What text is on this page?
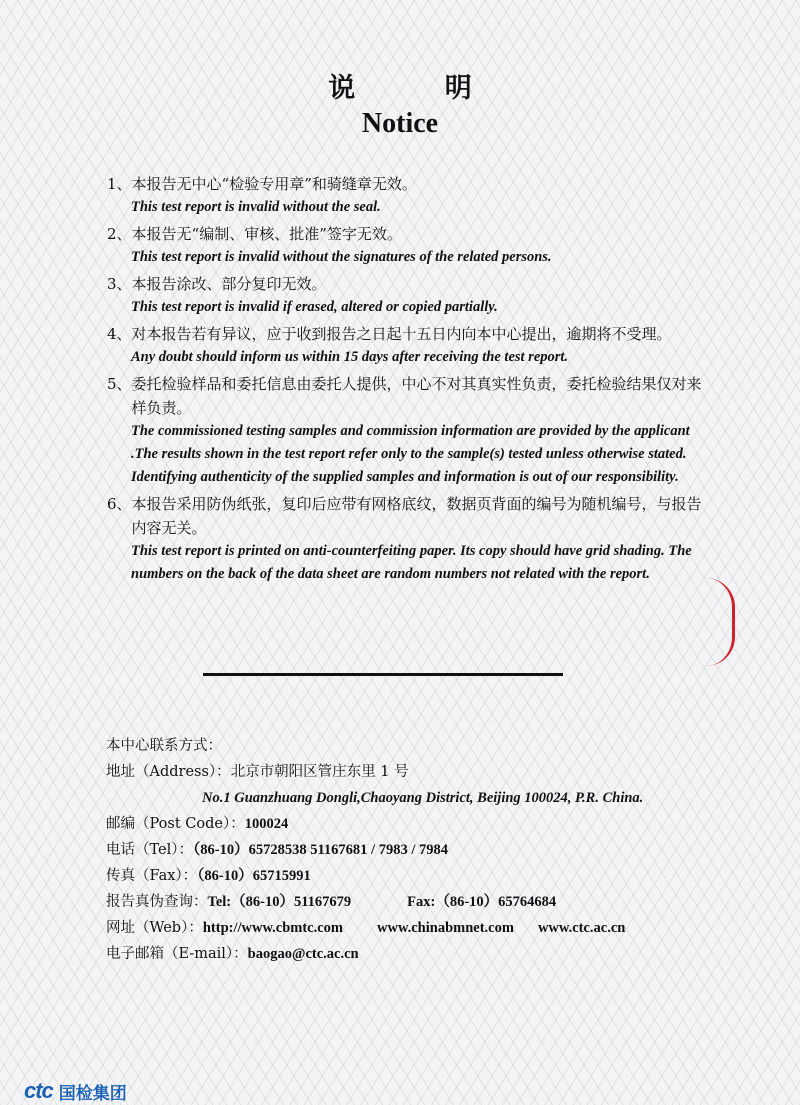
说 明
Notice
1、 本报告无中心“检验专用章”和骑缝章无效。
This test report is invalid without the seal.
2、 本报告无“编制、审核、批准”签字无效。
This test report is invalid without the signatures of the related persons.
3、 本报告涂改、部分复印无效。
This test report is invalid if erased, altered or copied partially.
4、 对本报告若有异议，应于收到报告之日起十五日内向本中心提出，逾期将不受理。
Any doubt should inform us within 15 days after receiving the test report.
5、 委托检验样品和委托信息由委托人提供，中心不对其真实性负责，委托检验结果仅对来样负责。
The commissioned testing samples and commission information are provided by the applicant .The results shown in the test report refer only to the sample(s) tested unless otherwise stated. Identifying authenticity of the supplied samples and information is out of our responsibility.
6、 本报告采用防伪纸张，复印后应带有网格底纹，数据页背面的编号为随机编号，与报告内容无关。
This test report is printed on anti-counterfeiting paper. Its copy should have grid shading. The numbers on the back of the data sheet are random numbers not related with the report.
本中心联系方式：
地址（Address）：北京市朝阳区管庄东里 1 号
No.1 Guanzhuang Dongli,Chaoyang District, Beijing 100024, P.R. China.
邮编（Post Code）：100024
电话（Tel）：（86-10）65728538 51167681 / 7983 / 7984
传真（Fax）：（86-10）65715991
报告真伪查询：Tel:（86-10）51167679	Fax:（86-10）65764684
网址（Web）：http://www.cbmtc.com www.chinabmnet.com www.ctc.ac.cn
电子邮箱（E-mail）：baogao@ctc.ac.cn
ctc 国检集团
